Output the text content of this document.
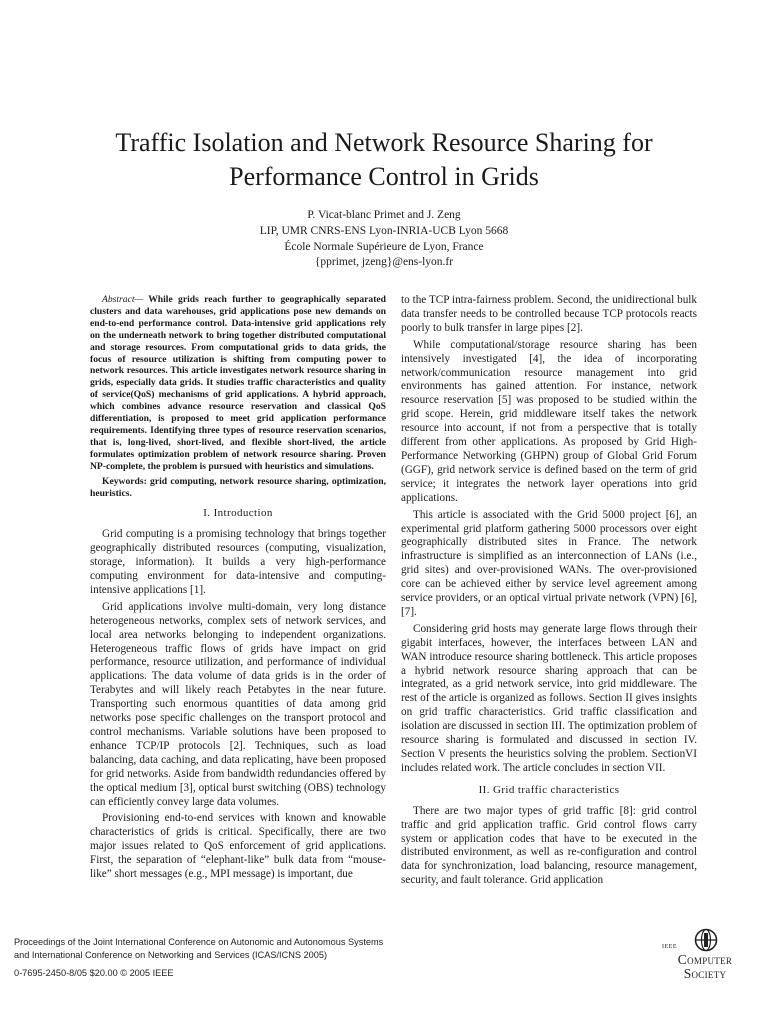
Traffic Isolation and Network Resource Sharing for
Performance Control in Grids
P. Vicat-blanc Primet and J. Zeng
LIP, UMR CNRS-ENS Lyon-INRIA-UCB Lyon 5668
École Normale Supérieure de Lyon, France
{pprimet, jzeng}@ens-lyon.fr

Abstract— While grids reach further to geographically separated clusters and data warehouses, grid applications pose new demands on end-to-end performance control. Data-intensive grid applications rely on the underneath network to bring together distributed computational and storage resources. From computational grids to data grids, the focus of resource utilization is shifting from computing power to network resources. This article investigates network resource sharing in grids, especially data grids. It studies traffic characteristics and quality of service(QoS) mechanisms of grid applications. A hybrid approach, which combines advance resource reservation and classical QoS differentiation, is proposed to meet grid application performance requirements. Identifying three types of resource reservation scenarios, that is, long-lived, short-lived, and flexible short-lived, the article formulates optimization problem of network resource sharing. Proven NP-complete, the problem is pursued with heuristics and simulations.

Keywords: grid computing, network resource sharing, optimization, heuristics.

I. Introduction

Grid computing is a promising technology that brings together geographically distributed resources (computing, visualization, storage, information). It builds a very high-performance computing environment for data-intensive and computing-intensive applications [1].

Grid applications involve multi-domain, very long distance heterogeneous networks, complex sets of network services, and local area networks belonging to independent organizations. Heterogeneous traffic flows of grids have impact on grid performance, resource utilization, and performance of individual applications. The data volume of data grids is in the order of Terabytes and will likely reach Petabytes in the near future. Transporting such enormous quantities of data among grid networks pose specific challenges on the transport protocol and control mechanisms. Variable solutions have been proposed to enhance TCP/IP protocols [2]. Techniques, such as load balancing, data caching, and data replicating, have been proposed for grid networks. Aside from bandwidth redundancies offered by the optical medium [3], optical burst switching (OBS) technology can efficiently convey large data volumes.

Provisioning end-to-end services with known and knowable characteristics of grids is critical. Specifically, there are two major issues related to QoS enforcement of grid applications. First, the separation of “elephant-like” bulk data from “mouse-like” short messages (e.g., MPI message) is important, due

to the TCP intra-fairness problem. Second, the unidirectional bulk data transfer needs to be controlled because TCP protocols reacts poorly to bulk transfer in large pipes [2].

While computational/storage resource sharing has been intensively investigated [4], the idea of incorporating network/communication resource management into grid environments has gained attention. For instance, network resource reservation [5] was proposed to be studied within the grid scope. Herein, grid middleware itself takes the network resource into account, if not from a perspective that is totally different from other applications. As proposed by Grid High-Performance Networking (GHPN) group of Global Grid Forum (GGF), grid network service is defined based on the term of grid service; it integrates the network layer operations into grid applications.

This article is associated with the Grid 5000 project [6], an experimental grid platform gathering 5000 processors over eight geographically distributed sites in France. The network infrastructure is simplified as an interconnection of LANs (i.e., grid sites) and over-provisioned WANs. The over-provisioned core can be achieved either by service level agreement among service providers, or an optical virtual private network (VPN) [6], [7].

Considering grid hosts may generate large flows through their gigabit interfaces, however, the interfaces between LAN and WAN introduce resource sharing bottleneck. This article proposes a hybrid network resource sharing approach that can be integrated, as a grid network service, into grid middleware. The rest of the article is organized as follows. Section II gives insights on grid traffic characteristics. Grid traffic classification and isolation are discussed in section III. The optimization problem of resource sharing is formulated and discussed in section IV. Section V presents the heuristics solving the problem. SectionVI includes related work. The article concludes in section VII.

II. Grid traffic characteristics

There are two major types of grid traffic [8]: grid control traffic and grid application traffic. Grid control flows carry system or application codes that have to be executed in the distributed environment, as well as re-configuration and control data for synchronization, load balancing, resource management, security, and fault tolerance. Grid application

Proceedings of the Joint International Conference on Autonomic and Autonomous Systems
and International Conference on Networking and Services (ICAS/ICNS 2005)
0-7695-2450-8/05 $20.00 © 2005 IEEE
IEEE
Computer
Society
